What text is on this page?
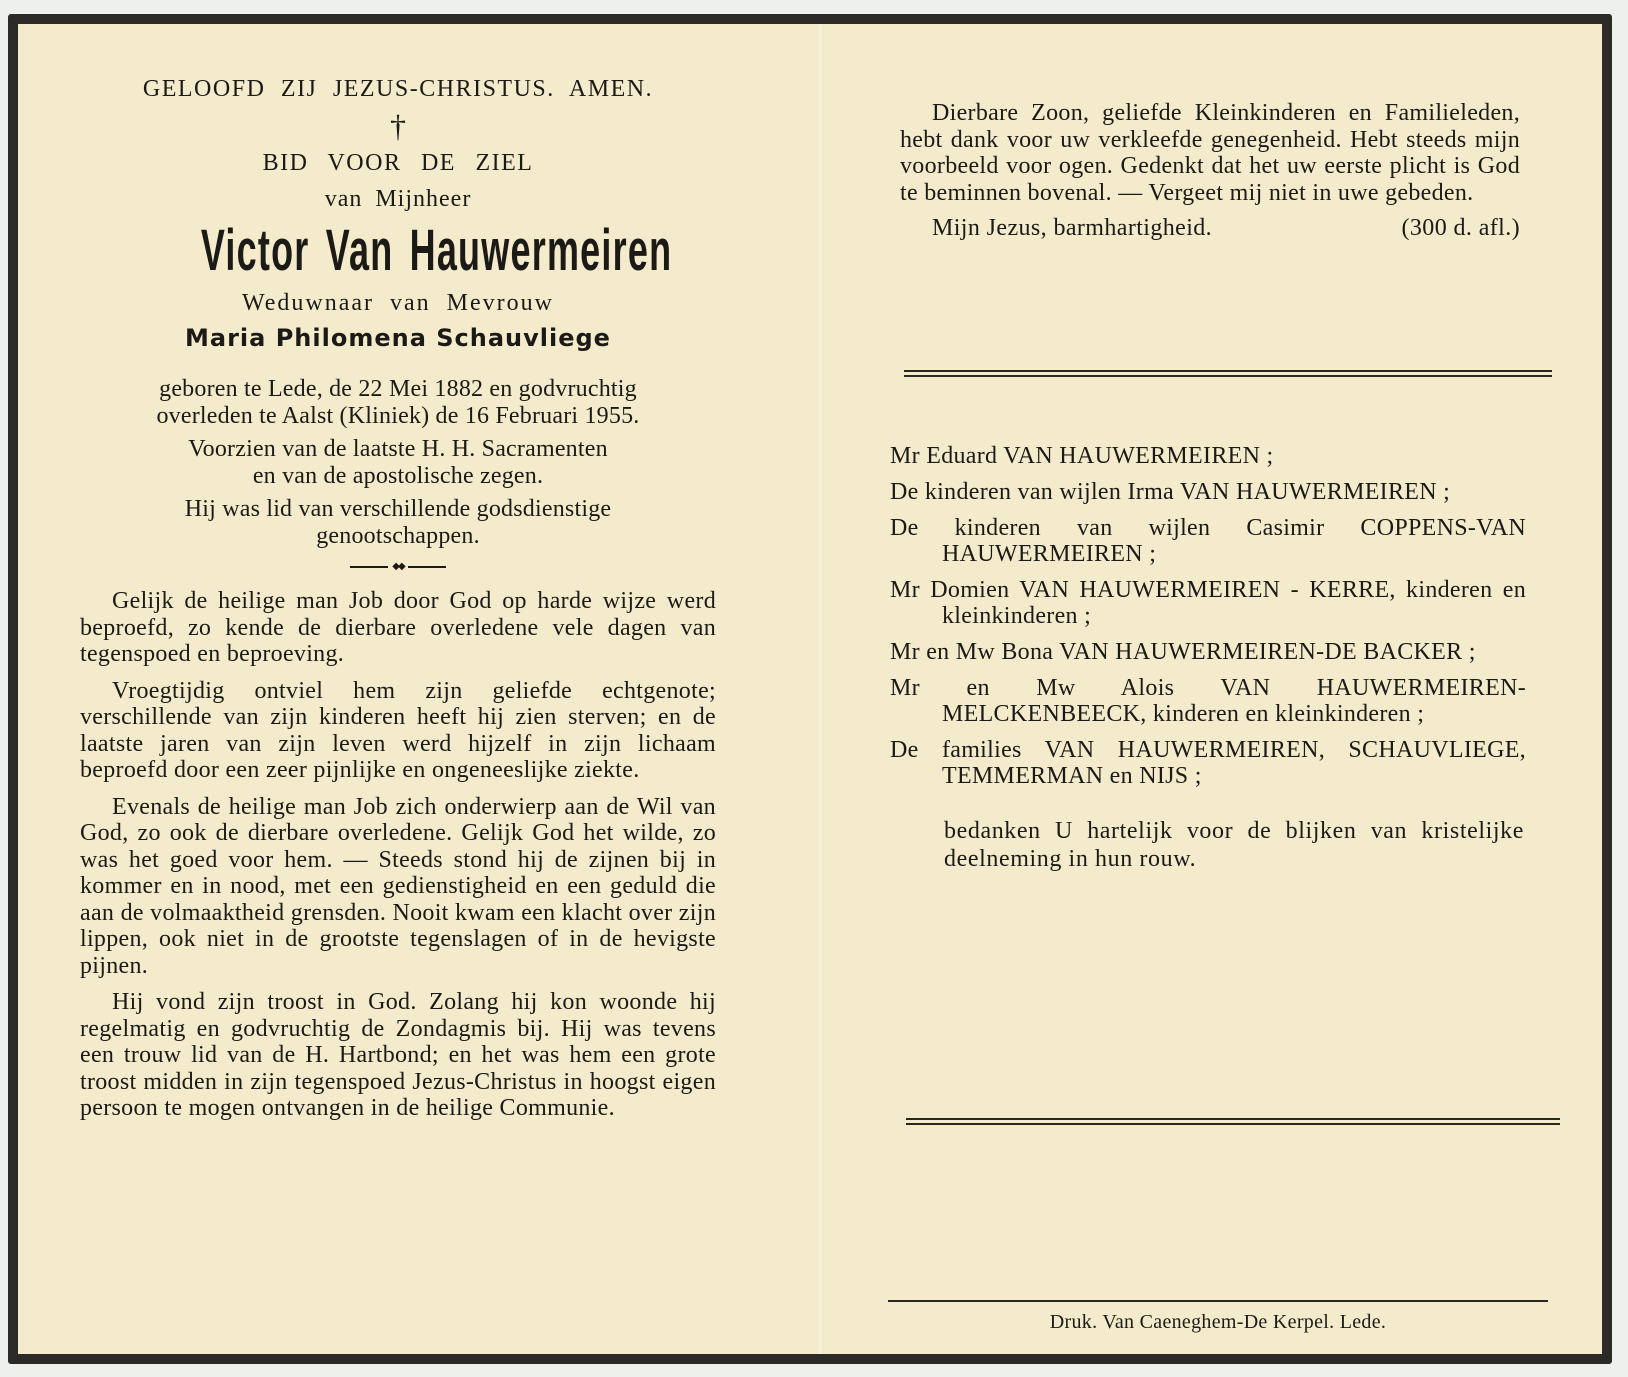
GELOOFD ZIJ JEZUS-CHRISTUS. AMEN.
†
BID VOOR DE ZIEL
van Mijnheer
Victor Van Hauwermeiren
Weduwnaar van Mevrouw
Maria Philomena Schauvliege
geboren te Lede, de 22 Mei 1882 en godvruchtig
overleden te Aalst (Kliniek) de 16 Februari 1955.
Voorzien van de laatste H. H. Sacramenten
en van de apostolische zegen.
Hij was lid van verschillende godsdienstige
genootschappen.
◆◆
Gelijk de heilige man Job door God op harde wijze werd beproefd, zo kende de dierbare overledene vele dagen van tegenspoed en beproeving.
Vroegtijdig ontviel hem zijn geliefde echtgenote; verschillende van zijn kinderen heeft hij zien sterven; en de laatste jaren van zijn leven werd hijzelf in zijn lichaam beproefd door een zeer pijnlijke en ongeneeslijke ziekte.
Evenals de heilige man Job zich onderwierp aan de Wil van God, zo ook de dierbare overledene. Gelijk God het wilde, zo was het goed voor hem. — Steeds stond hij de zijnen bij in kommer en in nood, met een gedienstigheid en een geduld die aan de volmaaktheid grensden. Nooit kwam een klacht over zijn lippen, ook niet in de grootste tegenslagen of in de hevigste pijnen.
Hij vond zijn troost in God. Zolang hij kon woonde hij regelmatig en godvruchtig de Zondagmis bij. Hij was tevens een trouw lid van de H. Hartbond; en het was hem een grote troost midden in zijn tegenspoed Jezus-Christus in hoogst eigen persoon te mogen ontvangen in de heilige Communie.
Dierbare Zoon, geliefde Kleinkinderen en Familieleden, hebt dank voor uw verkleefde genegenheid. Hebt steeds mijn voorbeeld voor ogen. Gedenkt dat het uw eerste plicht is God te beminnen bovenal. — Vergeet mij niet in uwe gebeden.
Mijn Jezus, barmhartigheid.	(300 d. afl.)
Mr Eduard VAN HAUWERMEIREN ;
De kinderen van wijlen Irma VAN HAUWERMEIREN ;
De kinderen van wijlen Casimir COPPENS-VAN HAUWERMEIREN ;
Mr Domien VAN HAUWERMEIREN - KERRE, kinderen en kleinkinderen ;
Mr en Mw Bona VAN HAUWERMEIREN-DE BACKER ;
Mr en Mw Alois VAN HAUWERMEIREN-MELCKENBEECK, kinderen en kleinkinderen ;
De families VAN HAUWERMEIREN, SCHAUVLIEGE, TEMMERMAN en NIJS ;
bedanken U hartelijk voor de blijken van kristelijke deelneming in hun rouw.
Druk. Van Caeneghem-De Kerpel. Lede.
